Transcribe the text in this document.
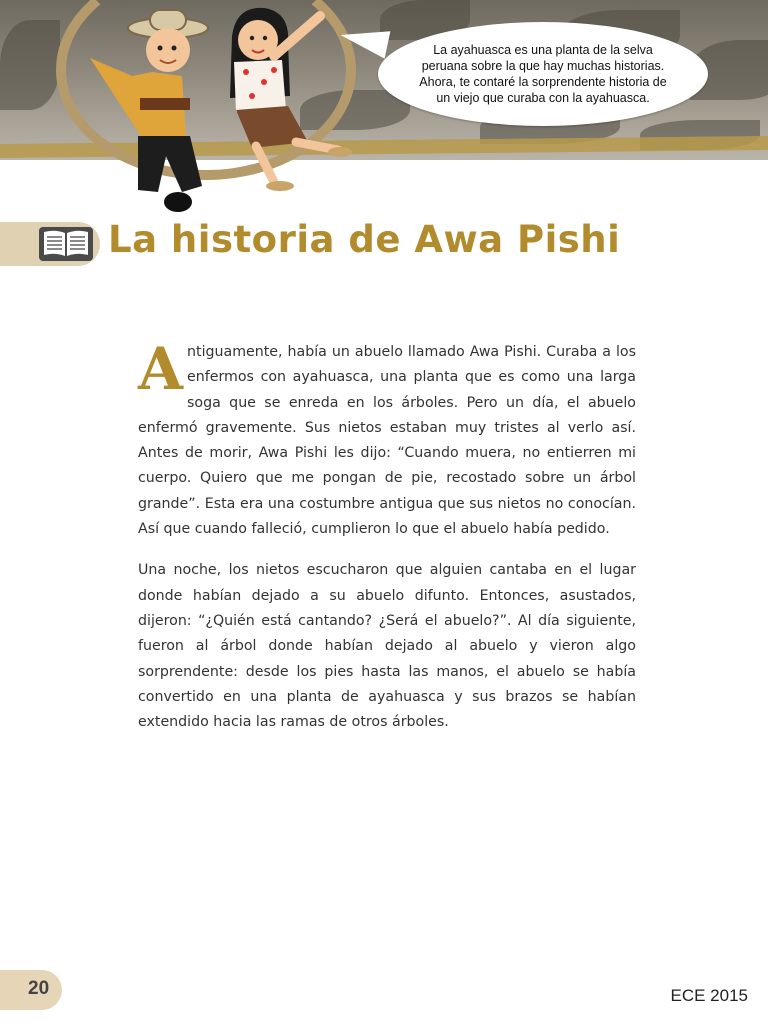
La ayahuasca es una planta de la selva peruana sobre la que hay muchas historias. Ahora, te contaré la sorprendente historia de un viejo que curaba con la ayahuasca.
La historia de Awa Pishi

Antiguamente, había un abuelo llamado Awa Pishi. Curaba a los enfermos con ayahuasca, una planta que es como una larga soga que se enreda en los árboles. Pero un día, el abuelo enfermó gravemente. Sus nietos estaban muy tristes al verlo así. Antes de morir, Awa Pishi les dijo: “Cuando muera, no entierren mi cuerpo. Quiero que me pongan de pie, recostado sobre un árbol grande”. Esta era una costumbre antigua que sus nietos no conocían. Así que cuando falleció, cumplieron lo que el abuelo había pedido.

Una noche, los nietos escucharon que alguien cantaba en el lugar donde habían dejado a su abuelo difunto. Entonces, asustados, dijeron: “¿Quién está cantando? ¿Será el abuelo?”. Al día siguiente, fueron al árbol donde habían dejado al abuelo y vieron algo sorprendente: desde los pies hasta las manos, el abuelo se había convertido en una planta de ayahuasca y sus brazos se habían extendido hacia las ramas de otros árboles.

20	ECE 2015
